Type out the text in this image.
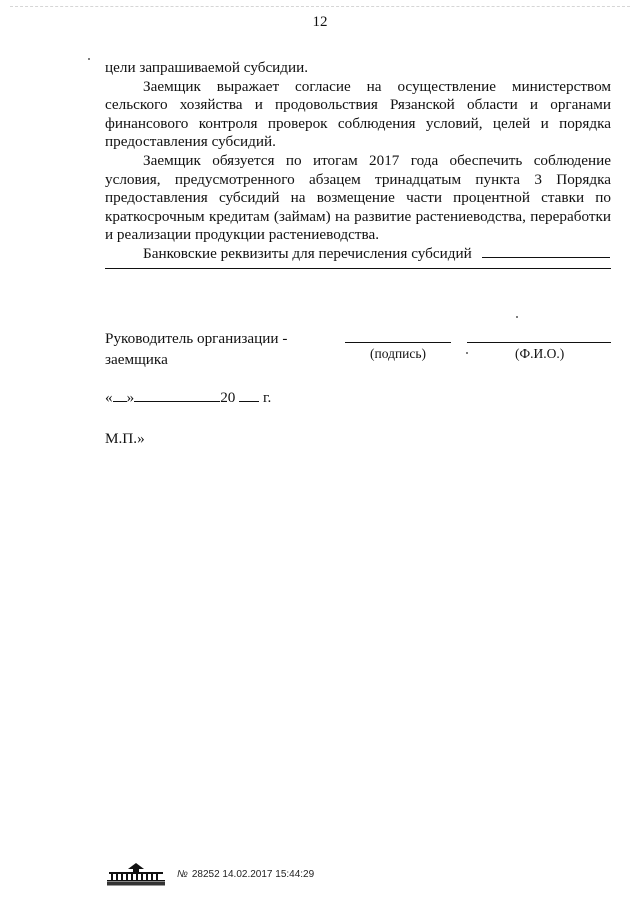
12

цели запрашиваемой субсидии.

Заемщик выражает согласие на осуществление министерством сельского хозяйства и продовольствия Рязанской области и органами финансового контроля проверок соблюдения условий, целей и порядка предоставления субсидий.

Заемщик обязуется по итогам 2017 года обеспечить соблюдение условия, предусмотренного абзацем тринадцатым пункта 3 Порядка предоставления субсидий на возмещение части процентной ставки по краткосрочным кредитам (займам) на развитие растениеводства, переработки и реализации продукции растениеводства.

Банковские реквизиты для перечисления субсидий

Руководитель организации -
заемщика	(подпись)	(Ф.И.О.)
« »	20 г.
М.П.»
№ 28252 14.02.2017 15:44:29
